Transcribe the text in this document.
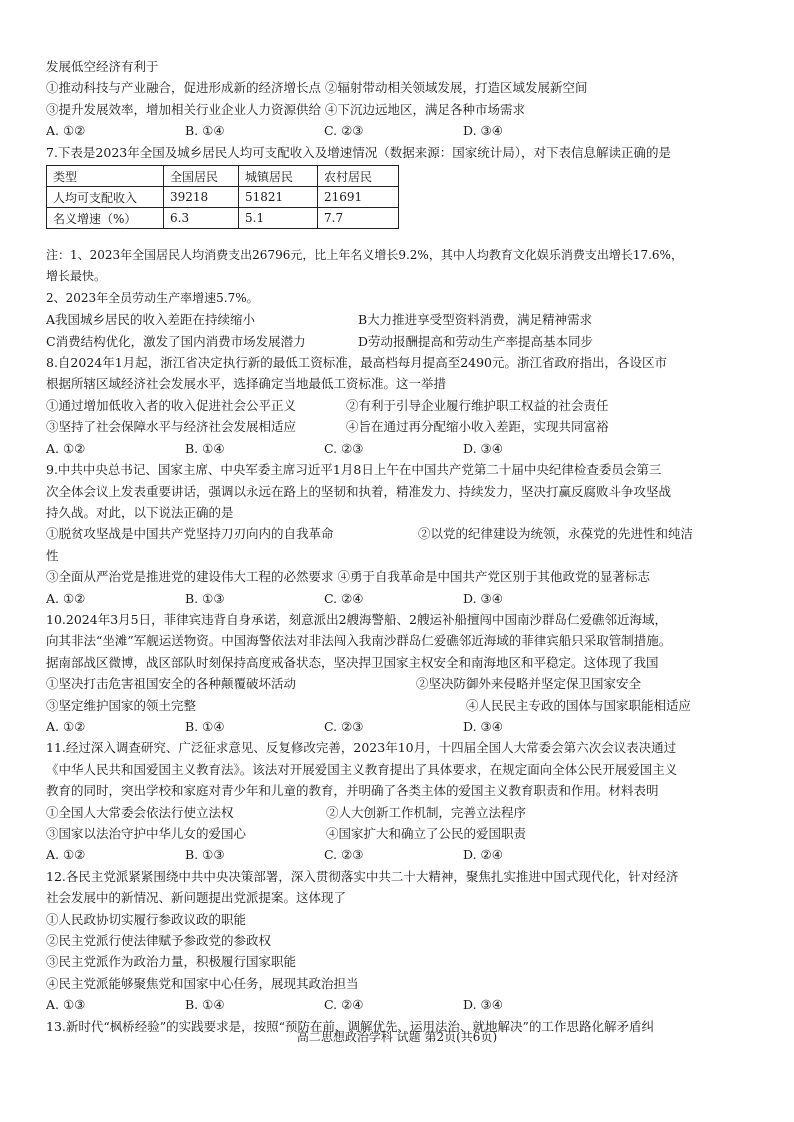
发展低空经济有利于
①推动科技与产业融合，促进形成新的经济增长点 ②辐射带动相关领域发展，打造区域发展新空间
③提升发展效率，增加相关行业企业人力资源供给 ④下沉边远地区，满足各种市场需求
A. ①②	B. ①④	C. ②③	D. ③④
7.下表是2023年全国及城乡居民人均可支配收入及增速情况（数据来源：国家统计局），对下表信息解读正确的是
类型	全国居民	城镇居民	农村居民
人均可支配收入	39218	51821	21691
名义增速（%）	6.3	5.1	7.7
注：1、2023年全国居民人均消费支出26796元，比上年名义增长9.2%，其中人均教育文化娱乐消费支出增长17.6%，
增长最快。
2、2023年全员劳动生产率增速5.7%。
A我国城乡居民的收入差距在持续缩小	B大力推进享受型资料消费，满足精神需求
C消费结构优化，激发了国内消费市场发展潜力	D劳动报酬提高和劳动生产率提高基本同步
8.自2024年1月起，浙江省决定执行新的最低工资标准，最高档每月提高至2490元。浙江省政府指出，各设区市
根据所辖区域经济社会发展水平，选择确定当地最低工资标准。这一举措
①通过增加低收入者的收入促进社会公平正义	②有利于引导企业履行维护职工权益的社会责任
③坚持了社会保障水平与经济社会发展相适应	④旨在通过再分配缩小收入差距，实现共同富裕
A. ①②	B. ①④	C. ②③	D. ③④
9.中共中央总书记、国家主席、中央军委主席习近平1月8日上午在中国共产党第二十届中央纪律检查委员会第三
次全体会议上发表重要讲话，强调以永远在路上的坚韧和执着，精准发力、持续发力，坚决打赢反腐败斗争攻坚战
持久战。对此，以下说法正确的是
①脱贫攻坚战是中国共产党坚持刀刃向内的自我革命	②以党的纪律建设为统领，永葆党的先进性和纯洁
性
③全面从严治党是推进党的建设伟大工程的必然要求 ④勇于自我革命是中国共产党区别于其他政党的显著标志
A. ①②	B. ①③	C. ②④	D. ③④
10.2024年3月5日，菲律宾违背自身承诺，刻意派出2艘海警船、2艘运补船擅闯中国南沙群岛仁爱礁邻近海域，
向其非法“坐滩”军舰运送物资。中国海警依法对非法闯入我南沙群岛仁爱礁邻近海域的菲律宾船只采取管制措施。
据南部战区微博，战区部队时刻保持高度戒备状态，坚决捍卫国家主权安全和南海地区和平稳定。这体现了我国
①坚决打击危害祖国安全的各种颠覆破坏活动	②坚决防御外来侵略并坚定保卫国家安全
③坚定维护国家的领土完整	④人民民主专政的国体与国家职能相适应
A. ①②	B. ①④	C. ②③	D. ③④
11.经过深入调查研究、广泛征求意见、反复修改完善，2023年10月，十四届全国人大常委会第六次会议表决通过
《中华人民共和国爱国主义教育法》。该法对开展爱国主义教育提出了具体要求，在规定面向全体公民开展爱国主义
教育的同时，突出学校和家庭对青少年和儿童的教育，并明确了各类主体的爱国主义教育职责和作用。材料表明
①全国人大常委会依法行使立法权	②人大创新工作机制，完善立法程序
③国家以法治守护中华儿女的爱国心	④国家扩大和确立了公民的爱国职责
A. ①②	B. ①③	C. ②③	D. ②④
12.各民主党派紧紧围绕中共中央决策部署，深入贯彻落实中共二十大精神，聚焦扎实推进中国式现代化，针对经济
社会发展中的新情况、新问题提出党派提案。这体现了
①人民政协切实履行参政议政的职能
②民主党派行使法律赋予参政党的参政权
③民主党派作为政治力量，积极履行国家职能
④民主党派能够聚焦党和国家中心任务，展现其政治担当
A. ①③	B. ①④	C. ②④	D. ③④
13.新时代“枫桥经验”的实践要求是，按照“预防在前、调解优先、运用法治、就地解决”的工作思路化解矛盾纠
高二思想政治学科 试题 第2页(共6页)
